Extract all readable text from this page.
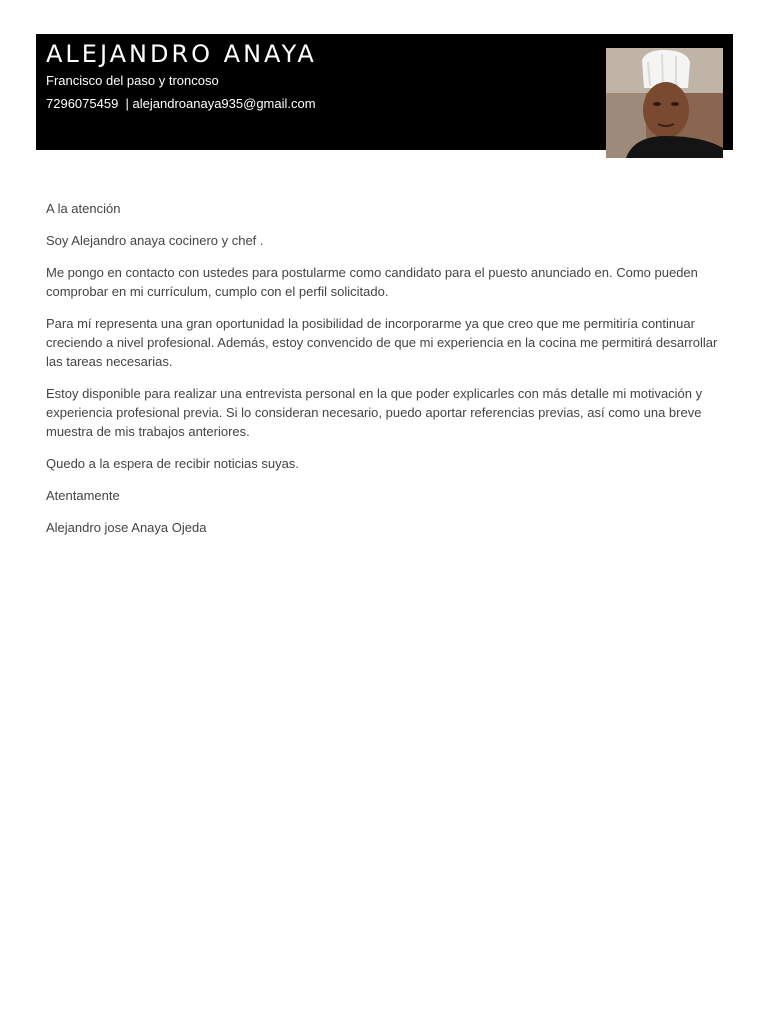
ALEJANDRO ANAYA
Francisco del paso y troncoso
7296075459  | alejandroanaya935@gmail.com

A la atención

Soy Alejandro anaya cocinero y chef .

Me pongo en contacto con ustedes para postularme como candidato para el puesto anunciado en. Como pueden comprobar en mi currículum, cumplo con el perfil solicitado.

Para mí representa una gran oportunidad la posibilidad de incorporarme ya que creo que me permitiría continuar creciendo a nivel profesional. Además, estoy convencido de que mi experiencia en la cocina me permitirá desarrollar las tareas necesarias.

Estoy disponible para realizar una entrevista personal en la que poder explicarles con más detalle mi motivación y experiencia profesional previa. Si lo consideran necesario, puedo aportar referencias previas, así como una breve muestra de mis trabajos anteriores.

Quedo a la espera de recibir noticias suyas.

Atentamente

Alejandro jose Anaya Ojeda
